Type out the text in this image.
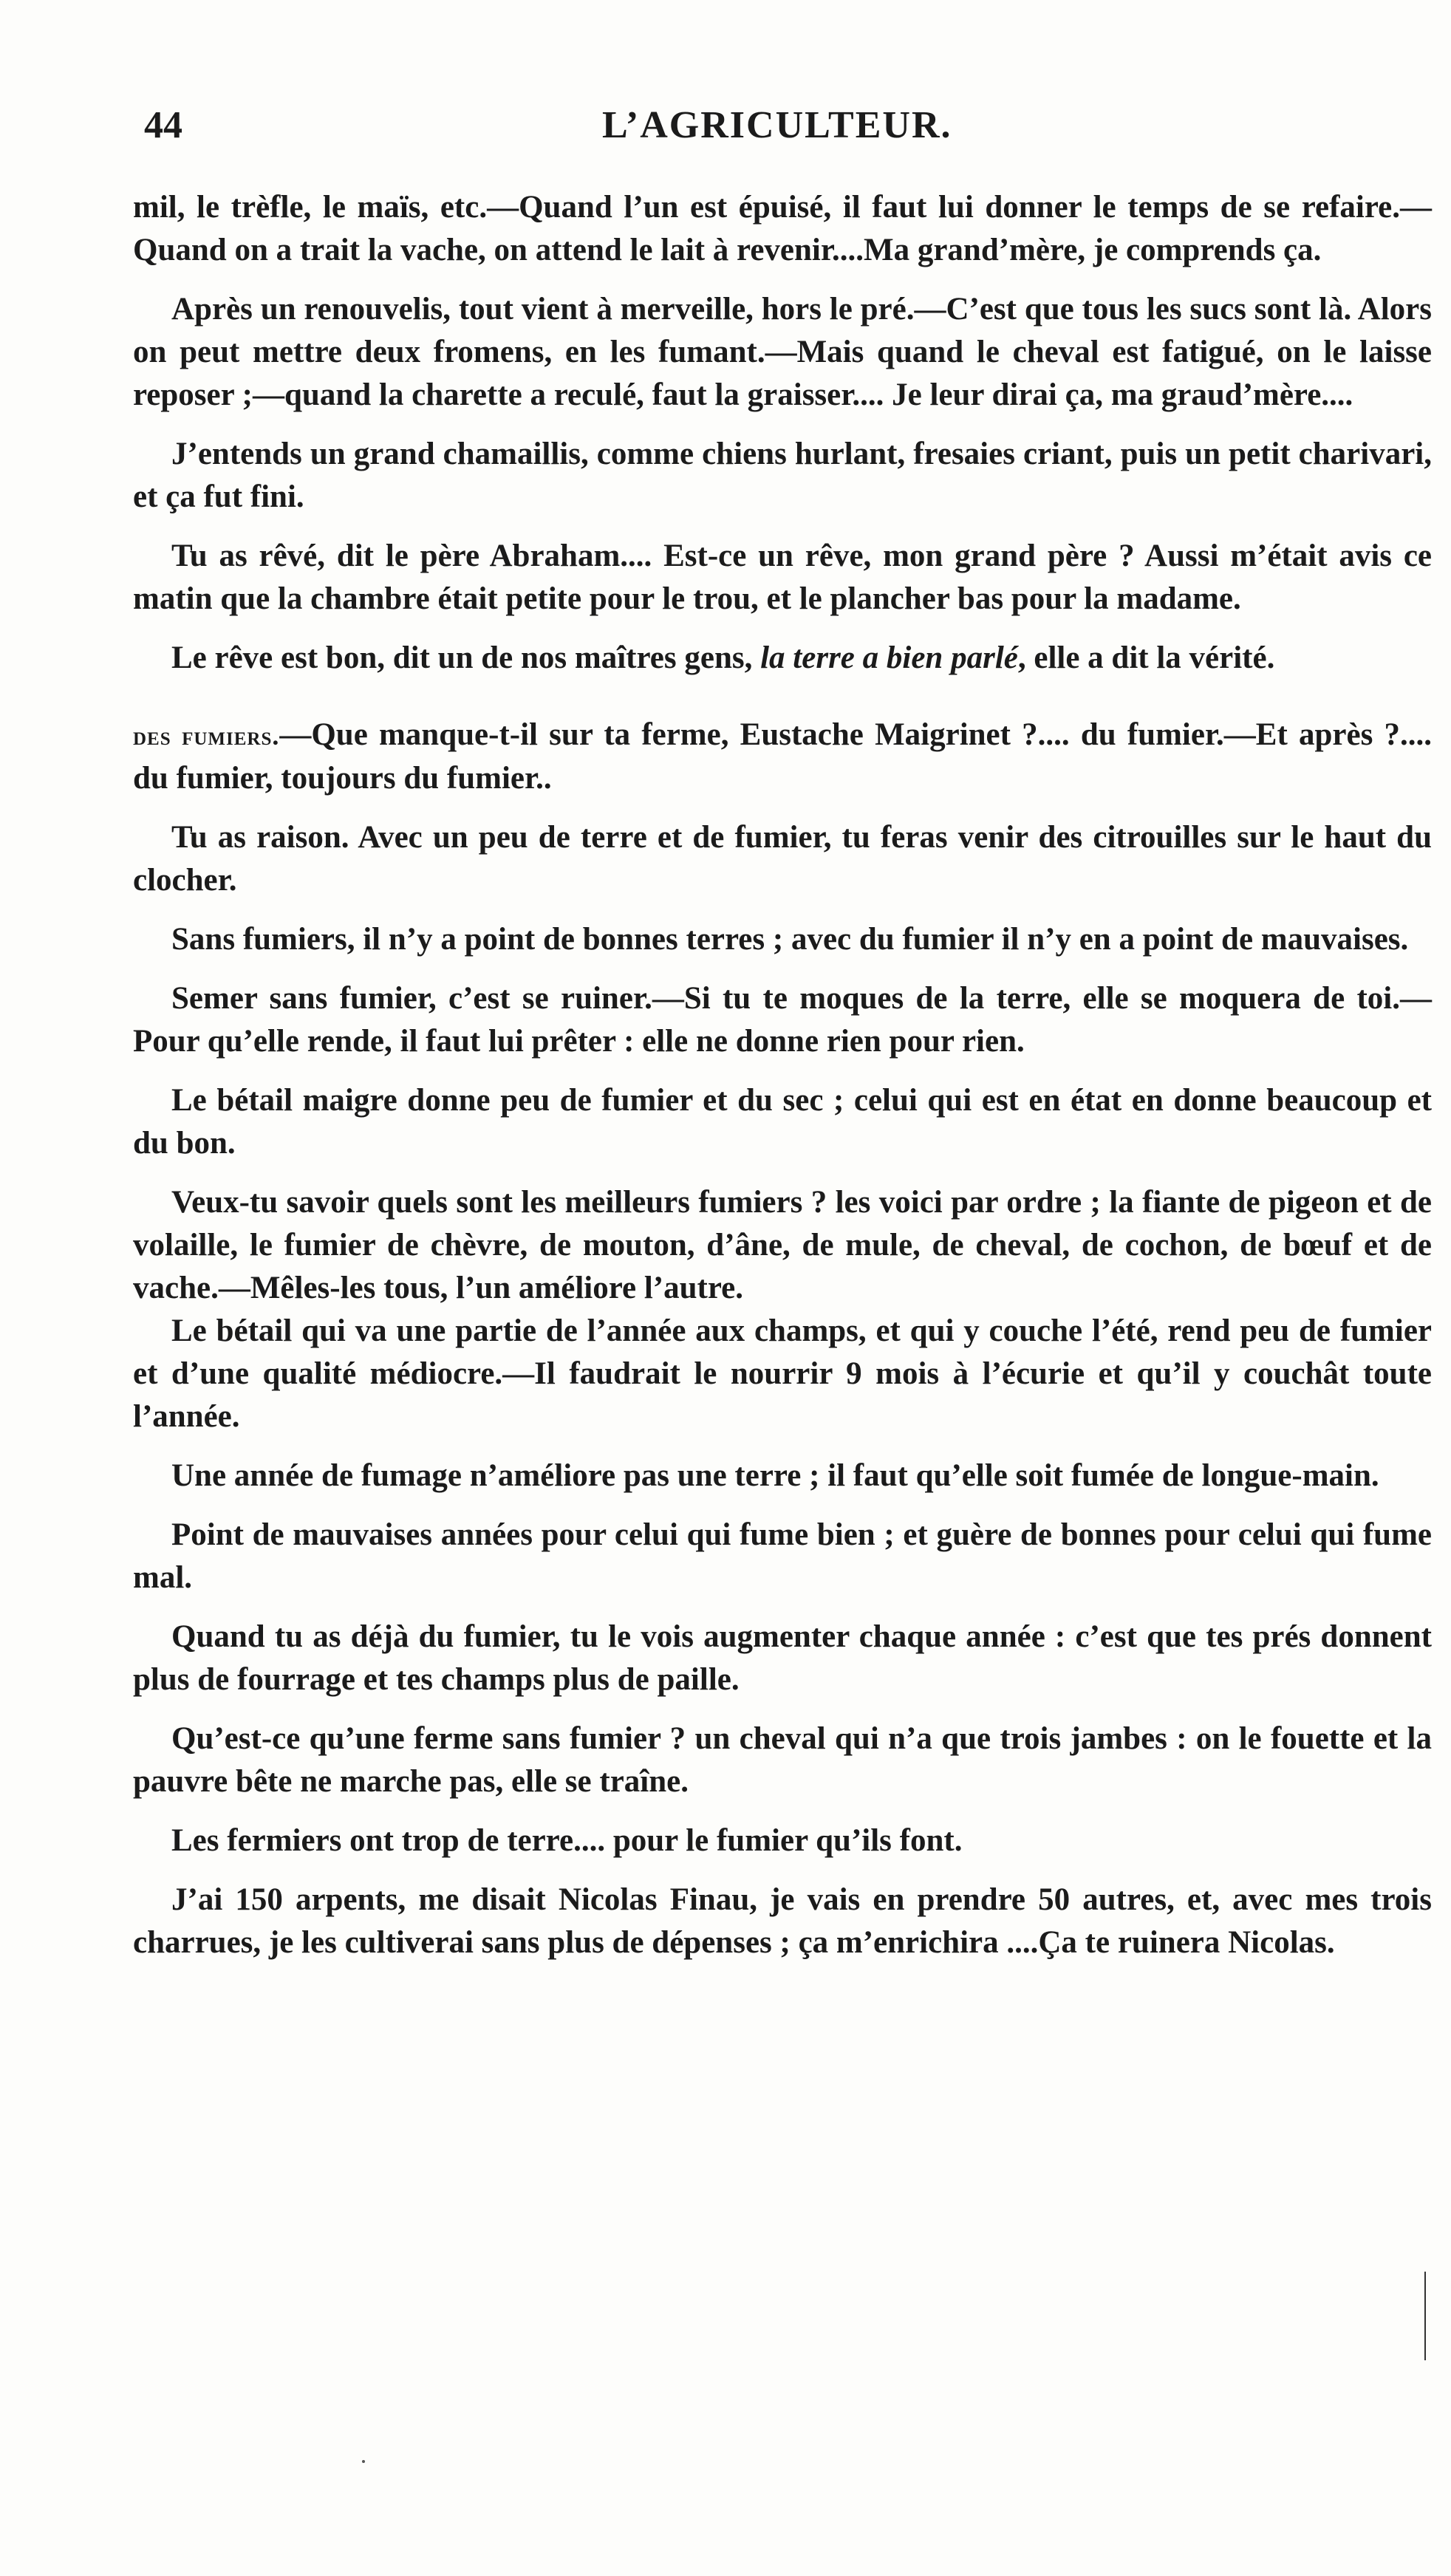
44	L’AGRICULTEUR.

mil, le trèfle, le maïs, etc.—Quand l’un est épuisé, il faut lui donner le temps de se refaire.—Quand on a trait la vache, on attend le lait à revenir....Ma grand’mère, je comprends ça.

Après un renouvelis, tout vient à merveille, hors le pré.—C’est que tous les sucs sont là. Alors on peut mettre deux fromens, en les fumant.—Mais quand le cheval est fatigué, on le laisse reposer ;—quand la charette a reculé, faut la graisser.... Je leur dirai ça, ma graud’mère....

J’entends un grand chamaillis, comme chiens hurlant, fresaies criant, puis un petit charivari, et ça fut fini.

Tu as rêvé, dit le père Abraham.... Est-ce un rêve, mon grand père ? Aussi m’était avis ce matin que la chambre était petite pour le trou, et le plancher bas pour la madame.

Le rêve est bon, dit un de nos maîtres gens, la terre a bien parlé, elle a dit la vérité.

des fumiers.—Que manque-t-il sur ta ferme, Eustache Maigrinet ?.... du fumier.—Et après ?.... du fumier, toujours du fumier..

Tu as raison. Avec un peu de terre et de fumier, tu feras venir des citrouilles sur le haut du clocher.

Sans fumiers, il n’y a point de bonnes terres ; avec du fumier il n’y en a point de mauvaises.

Semer sans fumier, c’est se ruiner.—Si tu te moques de la terre, elle se moquera de toi.—Pour qu’elle rende, il faut lui prêter : elle ne donne rien pour rien.

Le bétail maigre donne peu de fumier et du sec ; celui qui est en état en donne beaucoup et du bon.

Veux-tu savoir quels sont les meilleurs fumiers ? les voici par ordre ; la fiante de pigeon et de volaille, le fumier de chèvre, de mouton, d’âne, de mule, de cheval, de cochon, de bœuf et de vache.—Mêles-les tous, l’un améliore l’autre.

Le bétail qui va une partie de l’année aux champs, et qui y couche l’été, rend peu de fumier et d’une qualité médiocre.—Il faudrait le nourrir 9 mois à l’écurie et qu’il y couchât toute l’année.

Une année de fumage n’améliore pas une terre ; il faut qu’elle soit fumée de longue-main.

Point de mauvaises années pour celui qui fume bien ; et guère de bonnes pour celui qui fume mal.

Quand tu as déjà du fumier, tu le vois augmenter chaque année : c’est que tes prés donnent plus de fourrage et tes champs plus de paille.

Qu’est-ce qu’une ferme sans fumier ? un cheval qui n’a que trois jambes : on le fouette et la pauvre bête ne marche pas, elle se traîne.

Les fermiers ont trop de terre.... pour le fumier qu’ils font.

J’ai 150 arpents, me disait Nicolas Finau, je vais en prendre 50 autres, et, avec mes trois charrues, je les cultiverai sans plus de dépenses ; ça m’enrichira ....Ça te ruinera Nicolas.
